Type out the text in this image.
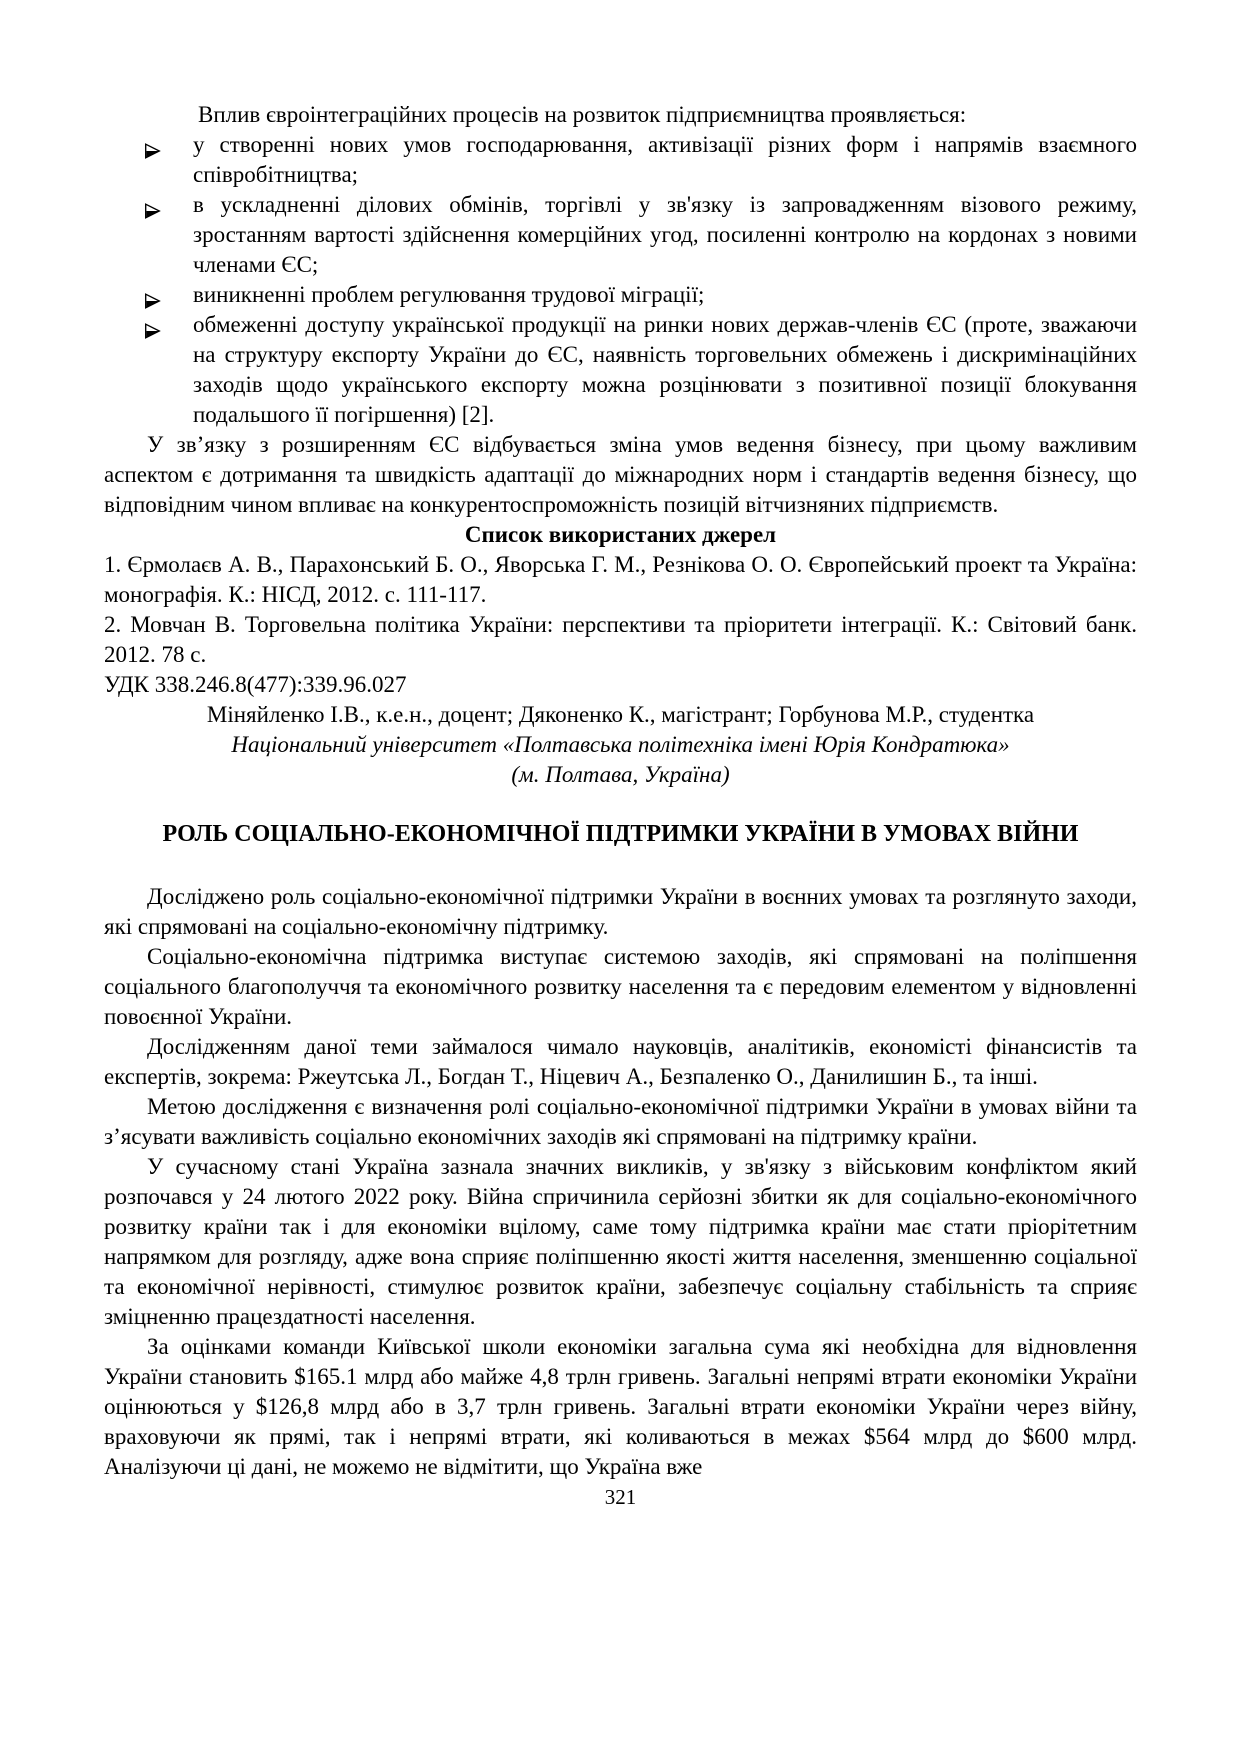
Вплив євроінтеграційних процесів на розвиток підприємництва проявляється:

у створенні нових умов господарювання, активізації різних форм і напрямів взаємного співробітництва;
в ускладненні ділових обмінів, торгівлі у зв'язку із запровадженням візового режиму, зростанням вартості здійснення комерційних угод, посиленні контролю на кордонах з новими членами ЄС;
виникненні проблем регулювання трудової міграції;
обмеженні доступу української продукції на ринки нових держав-членів ЄС (проте, зважаючи на структуру експорту України до ЄС, наявність торговельних обмежень і дискримінаційних заходів щодо українського експорту можна розцінювати з позитивної позиції блокування подальшого її погіршення) [2].

У зв’язку з розширенням ЄС відбувається зміна умов ведення бізнесу, при цьому важливим аспектом є дотримання та швидкість адаптації до міжнародних норм і стандартів ведення бізнесу, що відповідним чином впливає на конкурентоспроможність позицій вітчизняних підприємств.

Список використаних джерел

1. Єрмолаєв А. В., Парахонський Б. О., Яворська Г. М., Резнікова О. О. Європейський проект та Україна: монографія. К.: НІСД, 2012. с. 111-117.

2. Мовчан В. Торговельна політика України: перспективи та пріоритети інтеграції. К.: Світовий банк. 2012. 78 с.

УДК 338.246.8(477):339.96.027

Міняйленко І.В., к.е.н., доцент; Дяконенко К., магістрант; Горбунова М.Р., студентка

Національний університет «Полтавська політехніка імені Юрія Кондратюка»

(м. Полтава, Україна)

РОЛЬ СОЦІАЛЬНО-ЕКОНОМІЧНОЇ ПІДТРИМКИ УКРАЇНИ В УМОВАХ ВІЙНИ

Досліджено роль соціально-економічної підтримки України в воєнних умовах та розглянуто заходи, які спрямовані на соціально-економічну підтримку.

Соціально-економічна підтримка виступає системою заходів, які спрямовані на поліпшення соціального благополуччя та економічного розвитку населення та є передовим елементом у відновленні повоєнної України.

Дослідженням даної теми займалося чимало науковців, аналітиків, економісті фінансистів та експертів, зокрема: Ржеутська Л., Богдан Т., Ніцевич А., Безпаленко О., Данилишин Б., та інші.

Метою дослідження є визначення ролі соціально-економічної підтримки України в умовах війни та з’ясувати важливість соціально економічних заходів які спрямовані на підтримку країни.

У сучасному стані Україна зазнала значних викликів, у зв'язку з військовим конфліктом який розпочався у 24 лютого 2022 року. Війна спричинила серйозні збитки як для соціально-економічного розвитку країни так і для економіки вцілому, саме тому підтримка країни має стати пріорітетним напрямком для розгляду, адже вона сприяє поліпшенню якості життя населення, зменшенню соціальної та економічної нерівності, стимулює розвиток країни, забезпечує соціальну стабільність та сприяє зміцненню працездатності населення.

За оцінками команди Київської школи економіки загальна сума які необхідна для відновлення України становить $165.1 млрд або майже 4,8 трлн гривень. Загальні непрямі втрати економіки України оцінюються у $126,8 млрд або в 3,7 трлн гривень. Загальні втрати економіки України через війну, враховуючи як прямі, так і непрямі втрати, які коливаються в межах $564 млрд до $600 млрд. Аналізуючи ці дані, не можемо не відмітити, що Україна вже

321
